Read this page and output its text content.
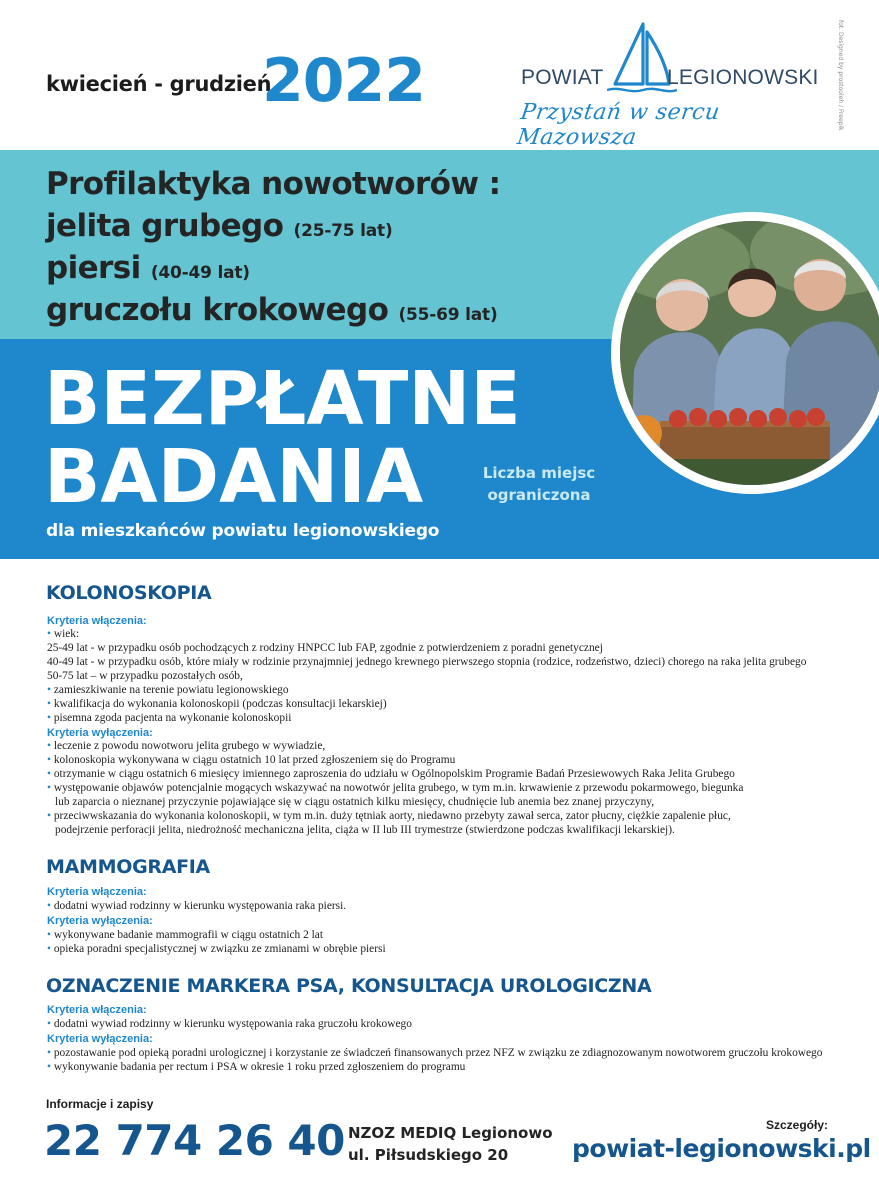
kwiecień - grudzień
2022	POWIAT	LEGIONOWSKI
Przystań w sercu Mazowsza
fot. Designed by prostooleh / Freepik
Profilaktyka nowotworów :
jelita grubego (25-75 lat)
piersi (40-49 lat)
gruczołu krokowego (55-69 lat)
BEZPŁATNE
BADANIA	Liczba miejsc ograniczona
dla mieszkańców powiatu legionowskiego
KOLONOSKOPIA
Kryteria włączenia:
• wiek:
25-49 lat - w przypadku osób pochodzących z rodziny HNPCC lub FAP, zgodnie z potwierdzeniem z poradni genetycznej
40-49 lat - w przypadku osób, które miały w rodzinie przynajmniej jednego krewnego pierwszego stopnia (rodzice, rodzeństwo, dzieci) chorego na raka jelita grubego
50-75 lat – w przypadku pozostałych osób,
• zamieszkiwanie na terenie powiatu legionowskiego
• kwalifikacja do wykonania kolonoskopii (podczas konsultacji lekarskiej)
• pisemna zgoda pacjenta na wykonanie kolonoskopii
Kryteria wyłączenia:
• leczenie z powodu nowotworu jelita grubego w wywiadzie,
• kolonoskopia wykonywana w ciągu ostatnich 10 lat przed zgłoszeniem się do Programu
• otrzymanie w ciągu ostatnich 6 miesięcy imiennego zaproszenia do udziału w Ogólnopolskim Programie Badań Przesiewowych Raka Jelita Grubego
• występowanie objawów potencjalnie mogących wskazywać na nowotwór jelita grubego, w tym m.in. krwawienie z przewodu pokarmowego, biegunka
lub zaparcia o nieznanej przyczynie pojawiające się w ciągu ostatnich kilku miesięcy, chudnięcie lub anemia bez znanej przyczyny,
• przeciwwskazania do wykonania kolonoskopii, w tym m.in. duży tętniak aorty, niedawno przebyty zawał serca, zator płucny, ciężkie zapalenie płuc,
podejrzenie perforacji jelita, niedrożność mechaniczna jelita, ciąża w II lub III trymestrze (stwierdzone podczas kwalifikacji lekarskiej).
MAMMOGRAFIA
Kryteria włączenia:
• dodatni wywiad rodzinny w kierunku występowania raka piersi.
Kryteria wyłączenia:
• wykonywane badanie mammografii w ciągu ostatnich 2 lat
• opieka poradni specjalistycznej w związku ze zmianami w obrębie piersi
OZNACZENIE MARKERA PSA, KONSULTACJA UROLOGICZNA
Kryteria włączenia:
• dodatni wywiad rodzinny w kierunku występowania raka gruczołu krokowego
Kryteria wyłączenia:
• pozostawanie pod opieką poradni urologicznej i korzystanie ze świadczeń finansowanych przez NFZ w związku ze zdiagnozowanym nowotworem gruczołu krokowego
• wykonywanie badania per rectum i PSA w okresie 1 roku przed zgłoszeniem do programu
Informacje i zapisy
22 774 26 40 NZOZ MEDIQ Legionowo
ul. Piłsudskiego 20
Szczegóły:
powiat-legionowski.pl
